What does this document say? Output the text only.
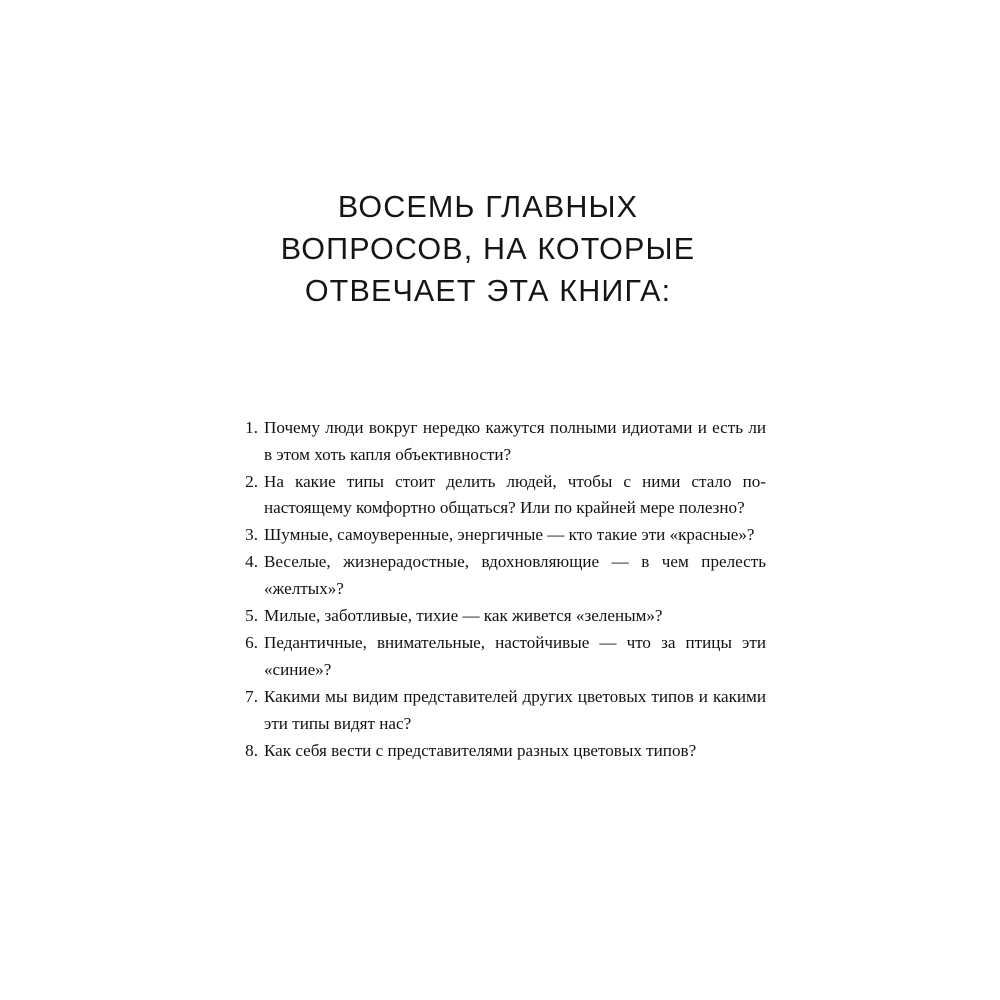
ВОСЕМЬ ГЛАВНЫХ
ВОПРОСОВ, НА КОТОРЫЕ
ОТВЕЧАЕТ ЭТА КНИГА:
1. Почему люди вокруг нередко кажутся полными идиотами и есть ли в этом хоть капля объективности?
2. На какие типы стоит делить людей, чтобы с ними стало по-настоящему комфортно общаться? Или по крайней мере полезно?
3. Шумные, самоуверенные, энергичные — кто такие эти «красные»?
4. Веселые, жизнерадостные, вдохновляющие — в чем прелесть «желтых»?
5. Милые, заботливые, тихие — как живется «зеленым»?
6. Педантичные, внимательные, настойчивые — что за птицы эти «синие»?
7. Какими мы видим представителей других цветовых типов и какими эти типы видят нас?
8. Как себя вести с представителями разных цветовых типов?
